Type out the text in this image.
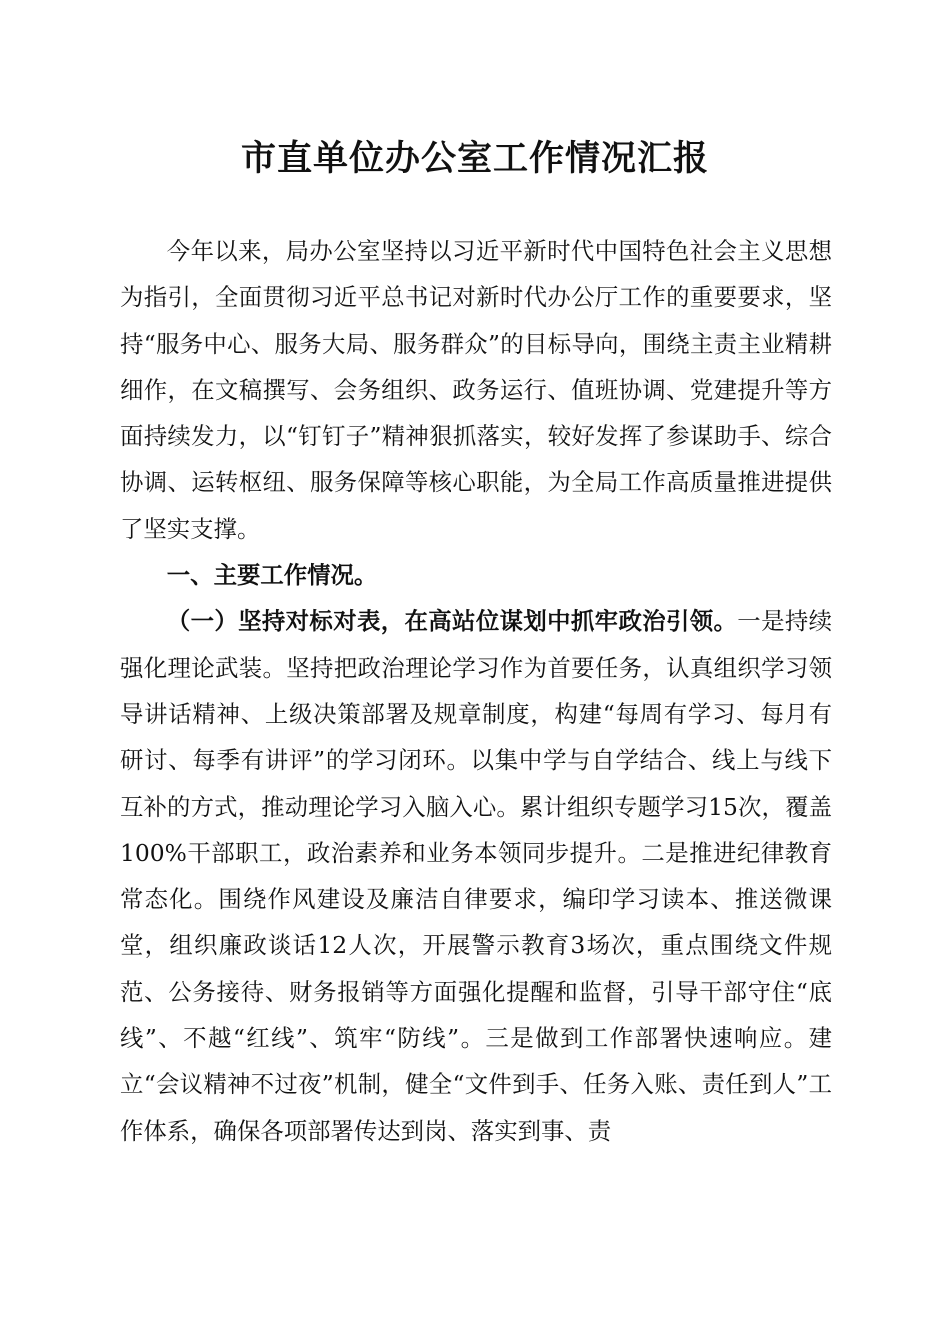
市直单位办公室工作情况汇报

今年以来，局办公室坚持以习近平新时代中国特色社会主义思想为指引，全面贯彻习近平总书记对新时代办公厅工作的重要要求，坚持“服务中心、服务大局、服务群众”的目标导向，围绕主责主业精耕细作，在文稿撰写、会务组织、政务运行、值班协调、党建提升等方面持续发力，以“钉钉子”精神狠抓落实，较好发挥了参谋助手、综合协调、运转枢纽、服务保障等核心职能，为全局工作高质量推进提供了坚实支撑。

一、主要工作情况。

（一）坚持对标对表，在高站位谋划中抓牢政治引领。一是持续强化理论武装。坚持把政治理论学习作为首要任务，认真组织学习领导讲话精神、上级决策部署及规章制度，构建“每周有学习、每月有研讨、每季有讲评”的学习闭环。以集中学与自学结合、线上与线下互补的方式，推动理论学习入脑入心。累计组织专题学习15次，覆盖100%干部职工，政治素养和业务本领同步提升。二是推进纪律教育常态化。围绕作风建设及廉洁自律要求，编印学习读本、推送微课堂，组织廉政谈话12人次，开展警示教育3场次，重点围绕文件规范、公务接待、财务报销等方面强化提醒和监督，引导干部守住“底线”、不越“红线”、筑牢“防线”。三是做到工作部署快速响应。建立“会议精神不过夜”机制，健全“文件到手、任务入账、责任到人”工作体系，确保各项部署传达到岗、落实到事、责
